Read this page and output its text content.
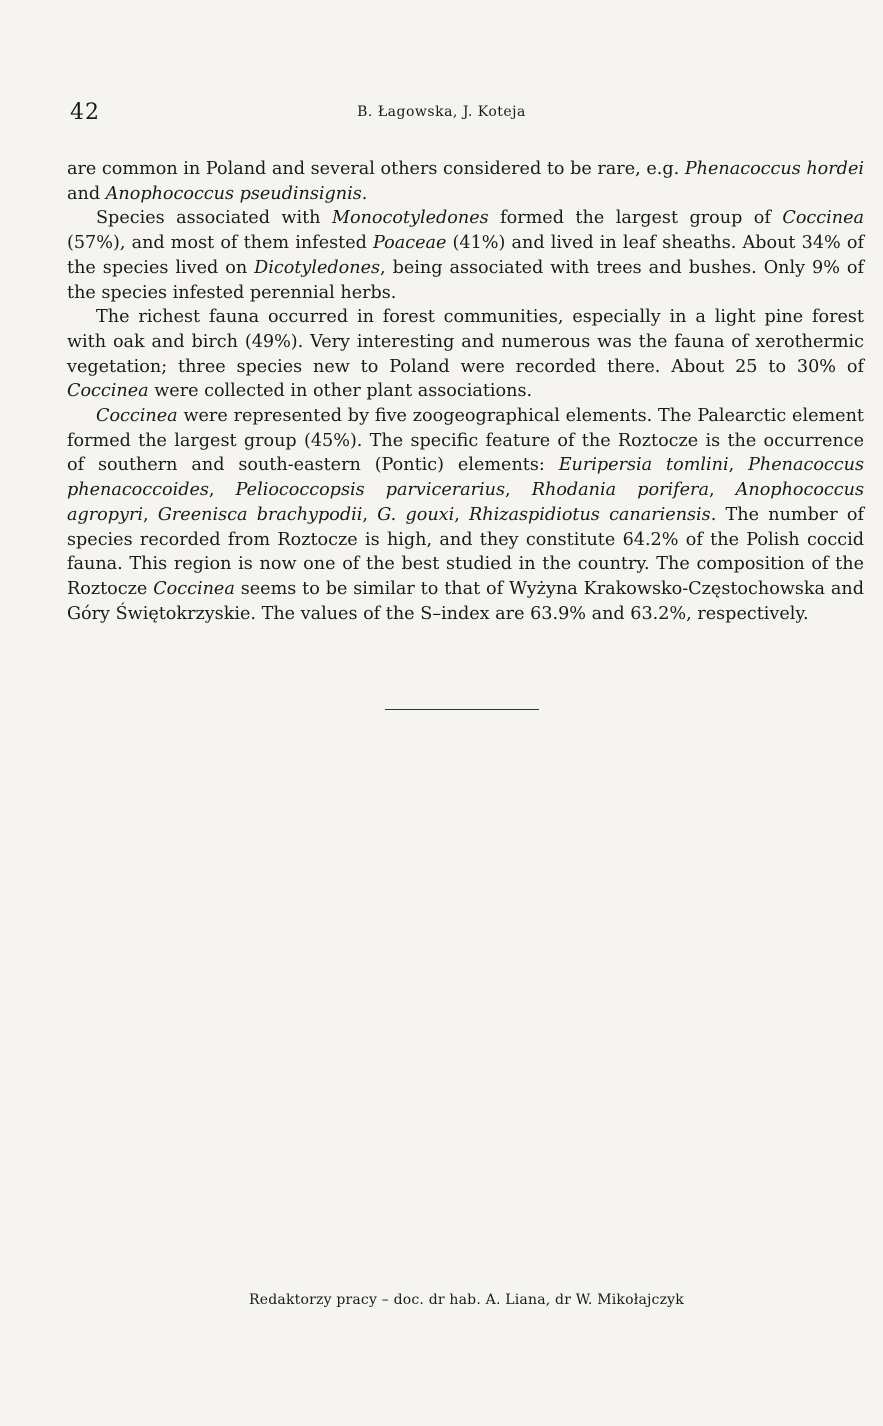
42	B. Łagowska, J. Koteja

are common in Poland and several others considered to be rare, e.g. Phenacoccus hordei and Anophococcus pseudinsignis.

Species associated with Monocotyledones formed the largest group of Coccinea (57%), and most of them infested Poaceae (41%) and lived in leaf sheaths. About 34% of the species lived on Dicotyledones, being associated with trees and bushes. Only 9% of the species infested perennial herbs.

The richest fauna occurred in forest communities, especially in a light pine forest with oak and birch (49%). Very interesting and numerous was the fauna of xerothermic vegetation; three species new to Poland were recorded there. About 25 to 30% of Coccinea were collected in other plant associations.

Coccinea were represented by five zoogeographical elements. The Palearctic element formed the largest group (45%). The specific feature of the Roztocze is the occurrence of southern and south-eastern (Pontic) elements: Euripersia tomlini, Phenacoccus phenacoccoides, Peliococcopsis parvicerarius, Rhodania porifera, Anophococcus agropyri, Greenisca brachypodii, G. gouxi, Rhizaspidiotus canariensis. The number of species recorded from Roztocze is high, and they constitute 64.2% of the Polish coccid fauna. This region is now one of the best studied in the country. The composition of the Roztocze Coccinea seems to be similar to that of Wyżyna Krakowsko-Częstochowska and Góry Świętokrzyskie. The values of the S–index are 63.9% and 63.2%, respectively.

Redaktorzy pracy – doc. dr hab. A. Liana, dr W. Mikołajczyk
